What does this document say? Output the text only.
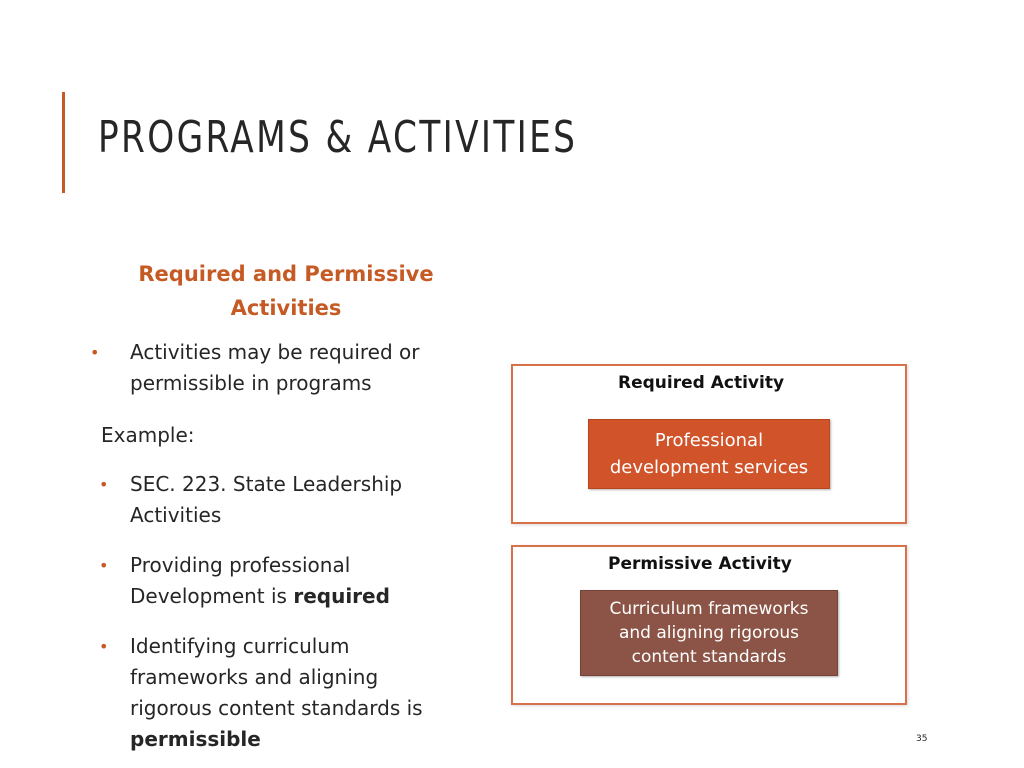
PROGRAMS & ACTIVITIES
Required and Permissive
Activities
• Activities may be required or
permissible in programs
Example:
• SEC. 223. State Leadership
Activities
• Providing professional
Development is required
• Identifying curriculum
frameworks and aligning
rigorous content standards is
permissible
Required Activity
Professional
development services
Permissive Activity
Curriculum frameworks
and aligning rigorous
content standards
35
